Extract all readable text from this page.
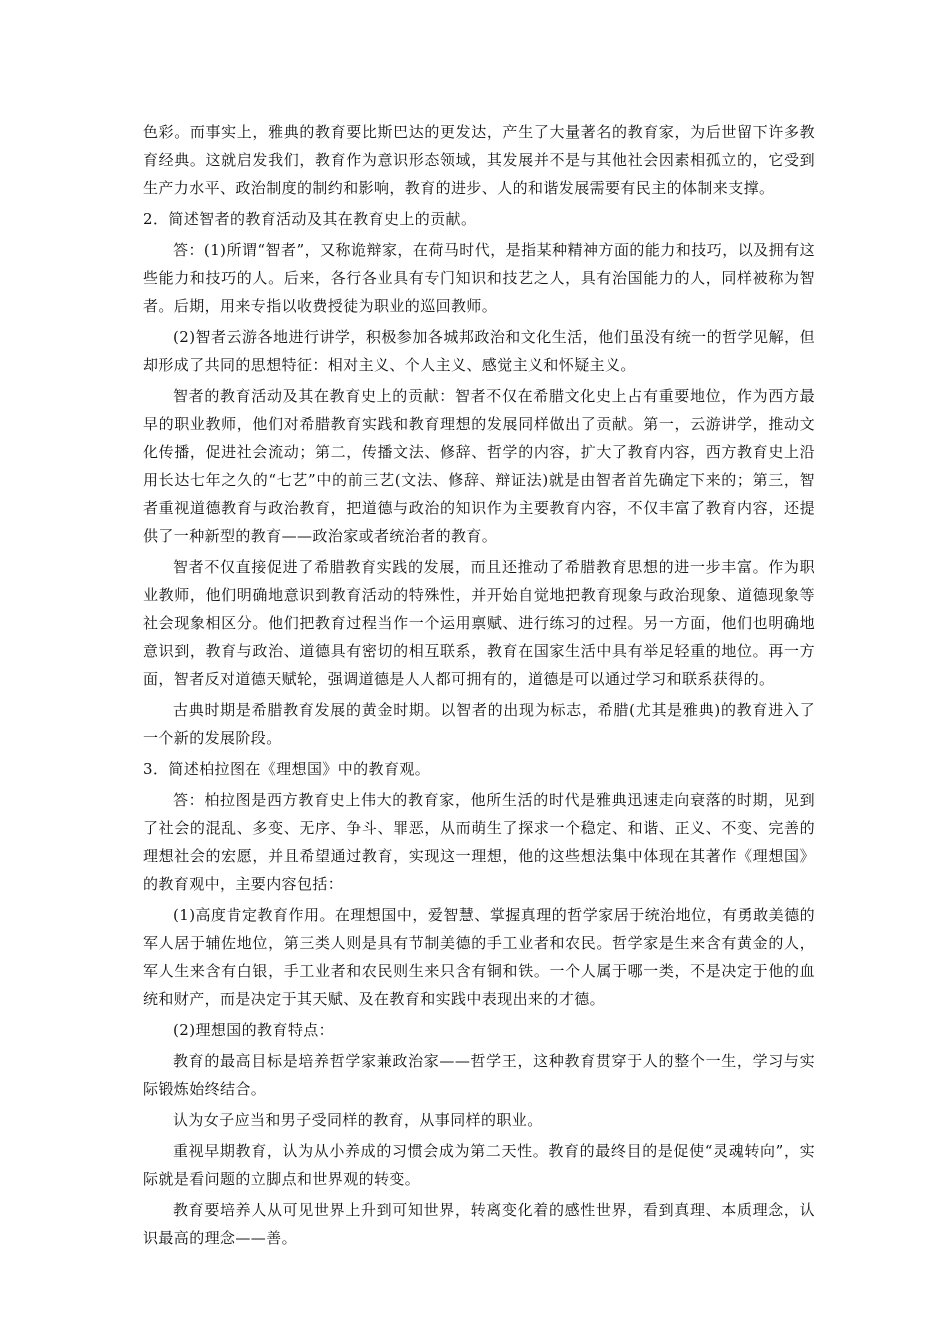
色彩。而事实上，雅典的教育要比斯巴达的更发达，产生了大量著名的教育家，为后世留下许多教育经典。这就启发我们，教育作为意识形态领域，其发展并不是与其他社会因素相孤立的，它受到生产力水平、政治制度的制约和影响，教育的进步、人的和谐发展需要有民主的体制来支撑。

2．简述智者的教育活动及其在教育史上的贡献。

答：(1)所谓“智者”，又称诡辩家，在荷马时代，是指某种精神方面的能力和技巧，以及拥有这些能力和技巧的人。后来，各行各业具有专门知识和技艺之人，具有治国能力的人，同样被称为智者。后期，用来专指以收费授徒为职业的巡回教师。

(2)智者云游各地进行讲学，积极参加各城邦政治和文化生活，他们虽没有统一的哲学见解，但却形成了共同的思想特征：相对主义、个人主义、感觉主义和怀疑主义。

智者的教育活动及其在教育史上的贡献：智者不仅在希腊文化史上占有重要地位，作为西方最早的职业教师，他们对希腊教育实践和教育理想的发展同样做出了贡献。第一，云游讲学，推动文化传播，促进社会流动；第二，传播文法、修辞、哲学的内容，扩大了教育内容，西方教育史上沿用长达七年之久的“七艺”中的前三艺(文法、修辞、辩证法)就是由智者首先确定下来的；第三，智者重视道德教育与政治教育，把道德与政治的知识作为主要教育内容，不仅丰富了教育内容，还提供了一种新型的教育——政治家或者统治者的教育。

智者不仅直接促进了希腊教育实践的发展，而且还推动了希腊教育思想的进一步丰富。作为职业教师，他们明确地意识到教育活动的特殊性，并开始自觉地把教育现象与政治现象、道德现象等社会现象相区分。他们把教育过程当作一个运用禀赋、进行练习的过程。另一方面，他们也明确地意识到，教育与政治、道德具有密切的相互联系，教育在国家生活中具有举足轻重的地位。再一方面，智者反对道德天赋轮，强调道德是人人都可拥有的，道德是可以通过学习和联系获得的。

古典时期是希腊教育发展的黄金时期。以智者的出现为标志，希腊(尤其是雅典)的教育进入了一个新的发展阶段。

3．简述柏拉图在《理想国》中的教育观。

答：柏拉图是西方教育史上伟大的教育家，他所生活的时代是雅典迅速走向衰落的时期，见到了社会的混乱、多变、无序、争斗、罪恶，从而萌生了探求一个稳定、和谐、正义、不变、完善的理想社会的宏愿，并且希望通过教育，实现这一理想，他的这些想法集中体现在其著作《理想国》的教育观中，主要内容包括：

(1)高度肯定教育作用。在理想国中，爱智慧、掌握真理的哲学家居于统治地位，有勇敢美德的军人居于辅佐地位，第三类人则是具有节制美德的手工业者和农民。哲学家是生来含有黄金的人，军人生来含有白银，手工业者和农民则生来只含有铜和铁。一个人属于哪一类，不是决定于他的血统和财产，而是决定于其天赋、及在教育和实践中表现出来的才德。

(2)理想国的教育特点：

教育的最高目标是培养哲学家兼政治家——哲学王，这种教育贯穿于人的整个一生，学习与实际锻炼始终结合。

认为女子应当和男子受同样的教育，从事同样的职业。

重视早期教育，认为从小养成的习惯会成为第二天性。教育的最终目的是促使“灵魂转向”，实际就是看问题的立脚点和世界观的转变。

教育要培养人从可见世界上升到可知世界，转离变化着的感性世界，看到真理、本质理念，认识最高的理念——善。
